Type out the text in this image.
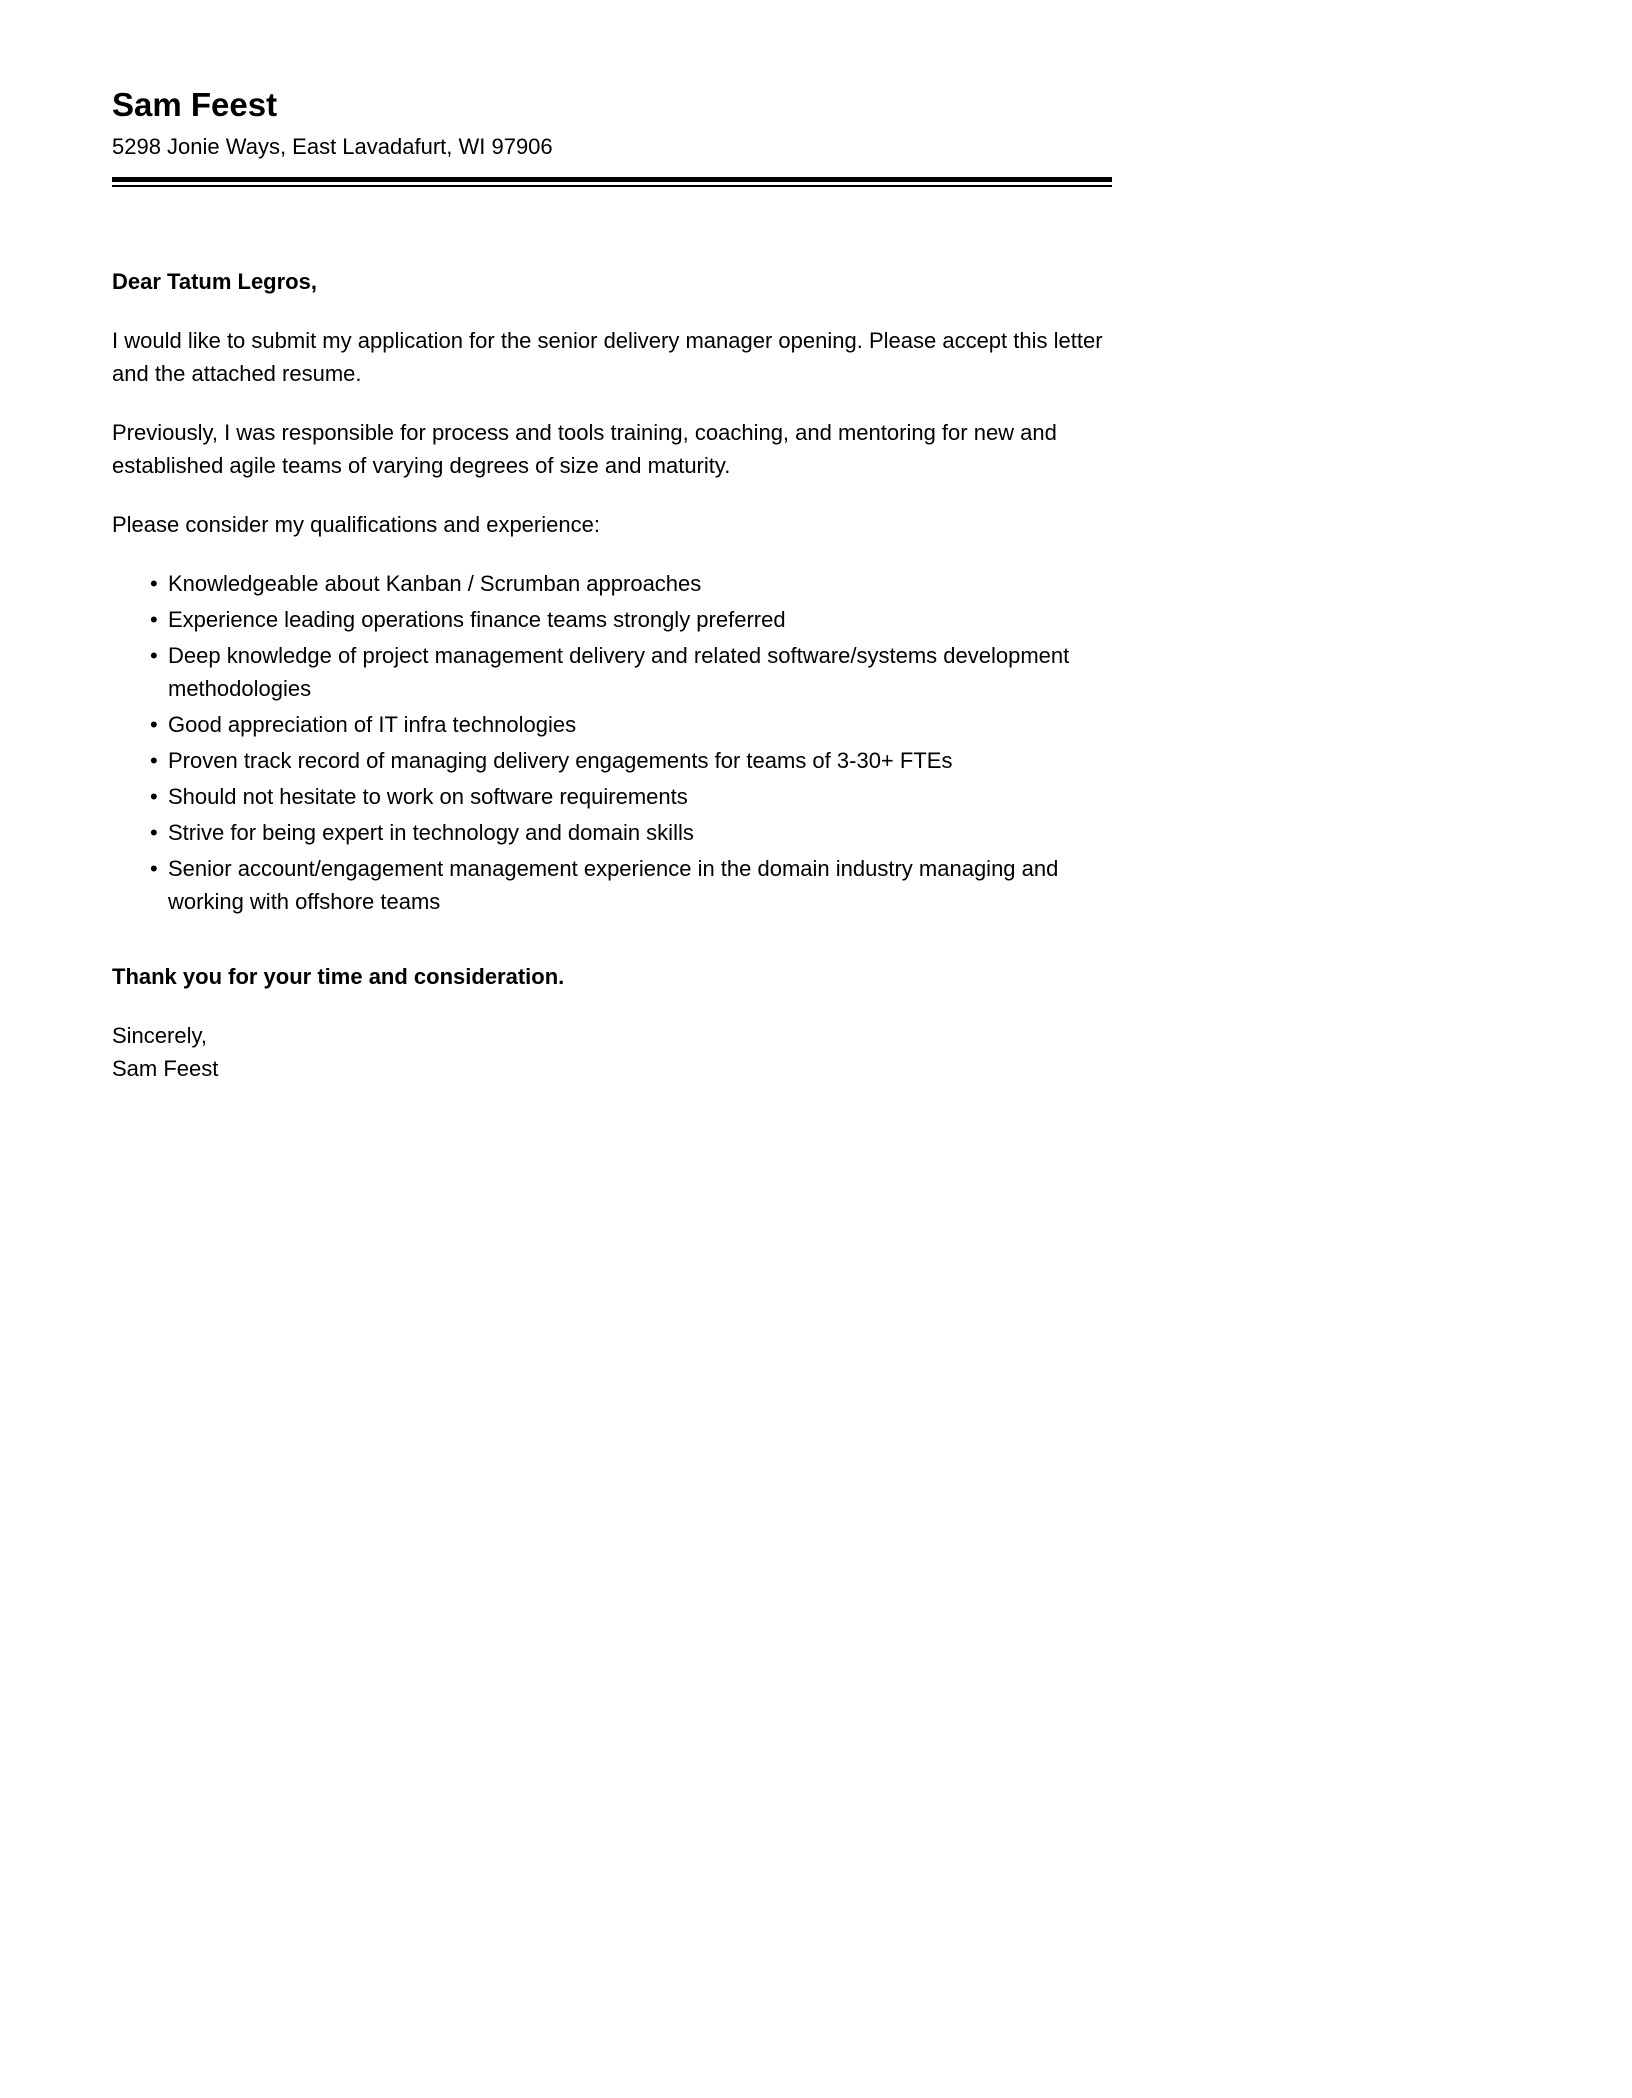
Sam Feest
5298 Jonie Ways, East Lavadafurt, WI 97906

Dear Tatum Legros,

I would like to submit my application for the senior delivery manager opening. Please accept this letter and the attached resume.

Previously, I was responsible for process and tools training, coaching, and mentoring for new and established agile teams of varying degrees of size and maturity.

Please consider my qualifications and experience:

• Knowledgeable about Kanban / Scrumban approaches
• Experience leading operations finance teams strongly preferred
• Deep knowledge of project management delivery and related software/systems development methodologies
• Good appreciation of IT infra technologies
• Proven track record of managing delivery engagements for teams of 3-30+ FTEs
• Should not hesitate to work on software requirements
• Strive for being expert in technology and domain skills
• Senior account/engagement management experience in the domain industry managing and working with offshore teams

Thank you for your time and consideration.

Sincerely,

Sam Feest
